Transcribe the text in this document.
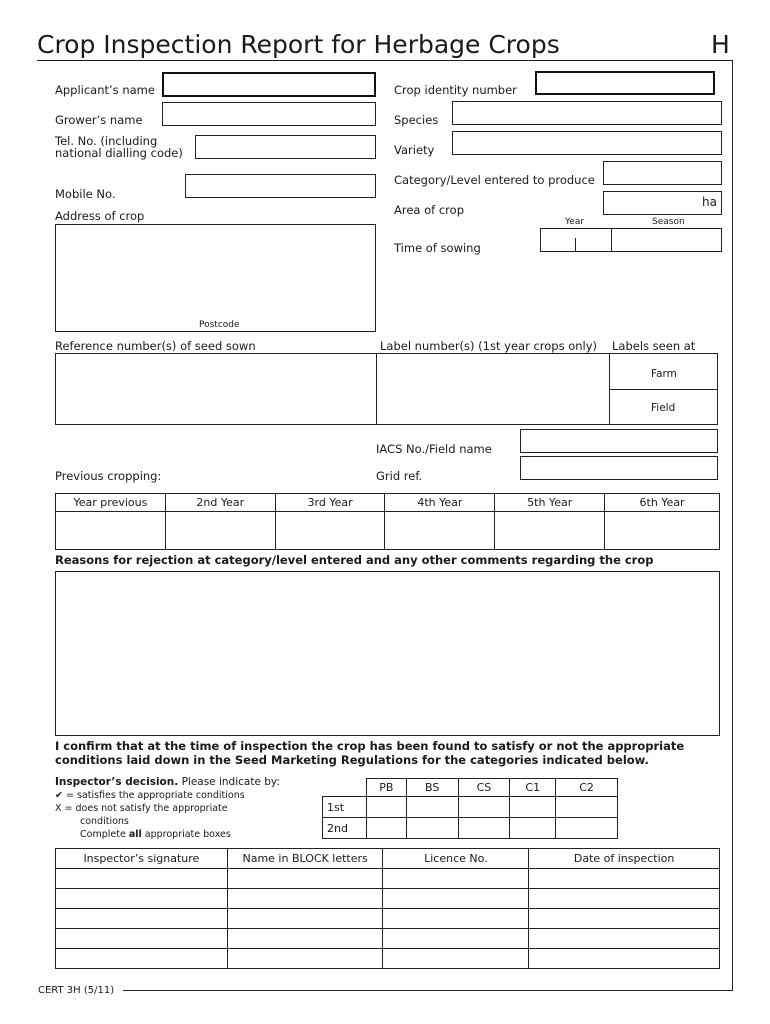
Crop Inspection Report for Herbage Crops	H
CERT 3H (5/11)
Applicant’s name
Grower’s name
Tel. No. (including
national dialling code)
Mobile No.
Address of crop
Postcode
Crop identity number
Species
Variety
Category/Level entered to produce
ha
Area of crop
Year	Season
Time of sowing
Reference number(s) of seed sown	Label number(s) (1st year crops only) Labels seen at
Farm
Field
IACS No./Field name
Previous cropping:	Grid ref.
Year previous	2nd Year	3rd Year	4th Year	5th Year	6th Year

Reasons for rejection at category/level entered and any other comments regarding the crop
I confirm that at the time of inspection the crop has been found to satisfy or not the appropriate
conditions laid down in the Seed Marketing Regulations for the categories indicated below.
Inspector’s decision. Please indicate by:
✔ = satisfies the appropriate conditions
X = does not satisfy the appropriate
conditions
Complete all appropriate boxes
	PB	BS	CS	C1	C2
1st					
2nd					
Inspector’s signature	Name in BLOCK letters	Licence No.	Date of inspection
